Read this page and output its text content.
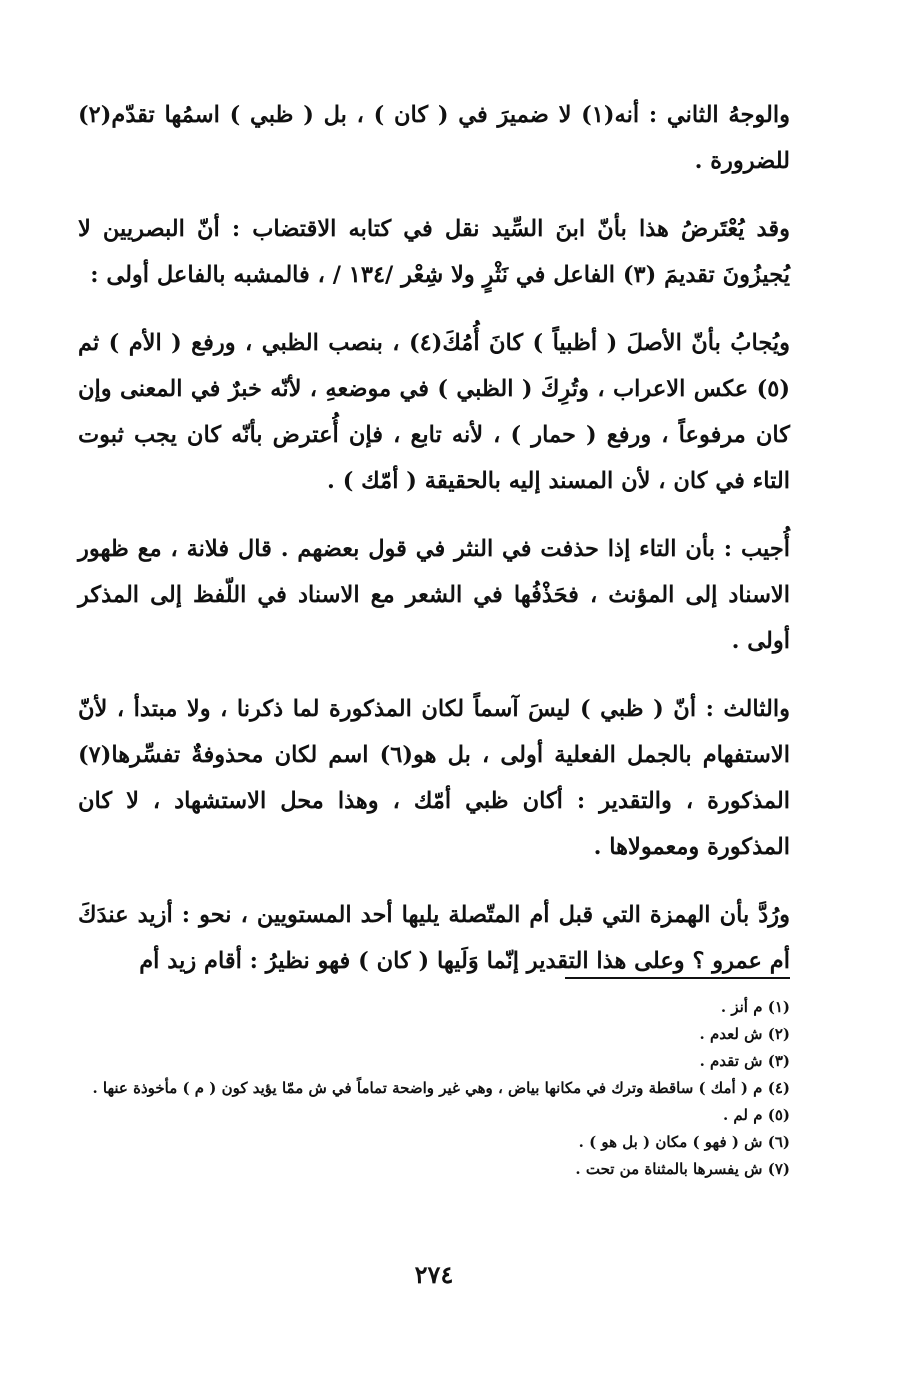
والوجهُ الثاني : أنه(١) لا ضميرَ في ( كان ) ، بل ( ظبي ) اسمُها تقدّم(٢) للضرورة .

وقد يُعْتَرضُ هذا بأنّ ابنَ السِّيد نقل في كتابه الاقتضاب : أنّ البصريين لا يُجيزُونَ تقديمَ (٣) الفاعل في نَثْرٍ ولا شِعْر /١٣٤ / ، فالمشبه بالفاعل أولى :

ويُجابُ بأنّ الأصلَ ( أظبياً ) كانَ أُمُكَ(٤) ، بنصب الظبي ، ورفع ( الأم ) ثم (٥) عكس الاعراب ، وتُرِكَ ( الظبي ) في موضعهِ ، لأنّه خبرٌ في المعنى وإن كان مرفوعاً ، ورفع ( حمار ) ، لأنه تابع ، فإن أُعترض بأنّه كان يجب ثبوت التاء في كان ، لأن المسند إليه بالحقيقة ( أمّك ) .

أُجيب : بأن التاء إذا حذفت في النثر في قول بعضهم . قال فلانة ، مع ظهور الاسناد إلى المؤنث ، فحَذْفُها في الشعر مع الاسناد في اللّفظ إلى المذكر أولى .

والثالث : أنّ ( ظبي ) ليسَ آسماً لكان المذكورة لما ذكرنا ، ولا مبتدأ ، لأنّ الاستفهام بالجمل الفعلية أولى ، بل هو(٦) اسم لكان محذوفةٌ تفسِّرها(٧) المذكورة ، والتقدير : أكان ظبي أمّك ، وهذا محل الاستشهاد ، لا كان المذكورة ومعمولاها .

ورُدَّ بأن الهمزة التي قبل أم المتّصلة يليها أحد المستويين ، نحو : أزيد عندَكَ أم عمرو ؟ وعلى هذا التقدير إنّما وَلَيها ( كان ) فهو نظيرُ : أقام زيد أم

(١) م أنز .

(٢) ش لعدم .

(٣) ش تقدم .

(٤) م ( أمك ) ساقطة وترك في مكانها بياض ، وهي غير واضحة تماماً في ش ممّا يؤيد كون ( م ) مأخوذة عنها .

(٥) م لم .

(٦) ش ( فهو ) مكان ( بل هو ) .

(٧) ش يفسرها بالمثناة من تحت .

٢٧٤
